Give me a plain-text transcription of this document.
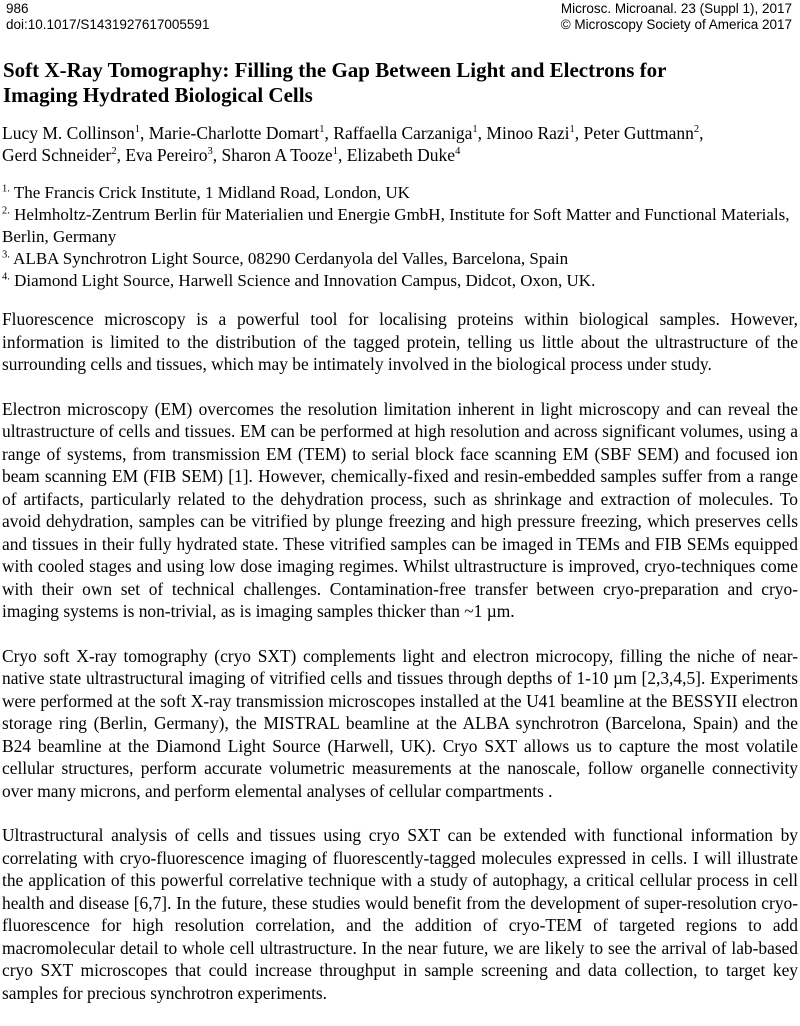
986
doi:10.1017/S1431927617005591
Microsc. Microanal. 23 (Suppl 1), 2017
© Microscopy Society of America 2017
Soft X-Ray Tomography: Filling the Gap Between Light and Electrons for
Imaging Hydrated Biological Cells
Lucy M. Collinson$^1$, Marie-Charlotte Domart$^1$, Raffaella Carzaniga$^1$, Minoo Razi$^1$, Peter Guttmann$^2$,
Gerd Schneider$^2$, Eva Pereiro$^3$, Sharon A Tooze$^1$, Elizabeth Duke$^4$

$^{1.}$ The Francis Crick Institute, 1 Midland Road, London, UK

$^{2.}$ Helmholtz-Zentrum Berlin für Materialien und Energie GmbH, Institute for Soft Matter and Functional Materials, Berlin, Germany

$^{3.}$ ALBA Synchrotron Light Source, 08290 Cerdanyola del Valles, Barcelona, Spain

$^{4.}$ Diamond Light Source, Harwell Science and Innovation Campus, Didcot, Oxon, UK.

Fluorescence microscopy is a powerful tool for localising proteins within biological samples. However, information is limited to the distribution of the tagged protein, telling us little about the ultrastructure of the surrounding cells and tissues, which may be intimately involved in the biological process under study.

Electron microscopy (EM) overcomes the resolution limitation inherent in light microscopy and can reveal the ultrastructure of cells and tissues. EM can be performed at high resolution and across significant volumes, using a range of systems, from transmission EM (TEM) to serial block face scanning EM (SBF SEM) and focused ion beam scanning EM (FIB SEM) [1]. However, chemically-fixed and resin-embedded samples suffer from a range of artifacts, particularly related to the dehydration process, such as shrinkage and extraction of molecules. To avoid dehydration, samples can be vitrified by plunge freezing and high pressure freezing, which preserves cells and tissues in their fully hydrated state. These vitrified samples can be imaged in TEMs and FIB SEMs equipped with cooled stages and using low dose imaging regimes. Whilst ultrastructure is improved, cryo-techniques come with their own set of technical challenges. Contamination-free transfer between cryo-preparation and cryo-imaging systems is non-trivial, as is imaging samples thicker than ~1 µm.

Cryo soft X-ray tomography (cryo SXT) complements light and electron microcopy, filling the niche of near-native state ultrastructural imaging of vitrified cells and tissues through depths of 1-10 µm [2,3,4,5]. Experiments were performed at the soft X-ray transmission microscopes installed at the U41 beamline at the BESSYII electron storage ring (Berlin, Germany), the MISTRAL beamline at the ALBA synchrotron (Barcelona, Spain) and the B24 beamline at the Diamond Light Source (Harwell, UK). Cryo SXT allows us to capture the most volatile cellular structures, perform accurate volumetric measurements at the nanoscale, follow organelle connectivity over many microns, and perform elemental analyses of cellular compartments .

Ultrastructural analysis of cells and tissues using cryo SXT can be extended with functional information by correlating with cryo-fluorescence imaging of fluorescently-tagged molecules expressed in cells. I will illustrate the application of this powerful correlative technique with a study of autophagy, a critical cellular process in cell health and disease [6,7]. In the future, these studies would benefit from the development of super-resolution cryo-fluorescence for high resolution correlation, and the addition of cryo-TEM of targeted regions to add macromolecular detail to whole cell ultrastructure. In the near future, we are likely to see the arrival of lab-based cryo SXT microscopes that could increase throughput in sample screening and data collection, to target key samples for precious synchrotron experiments.
